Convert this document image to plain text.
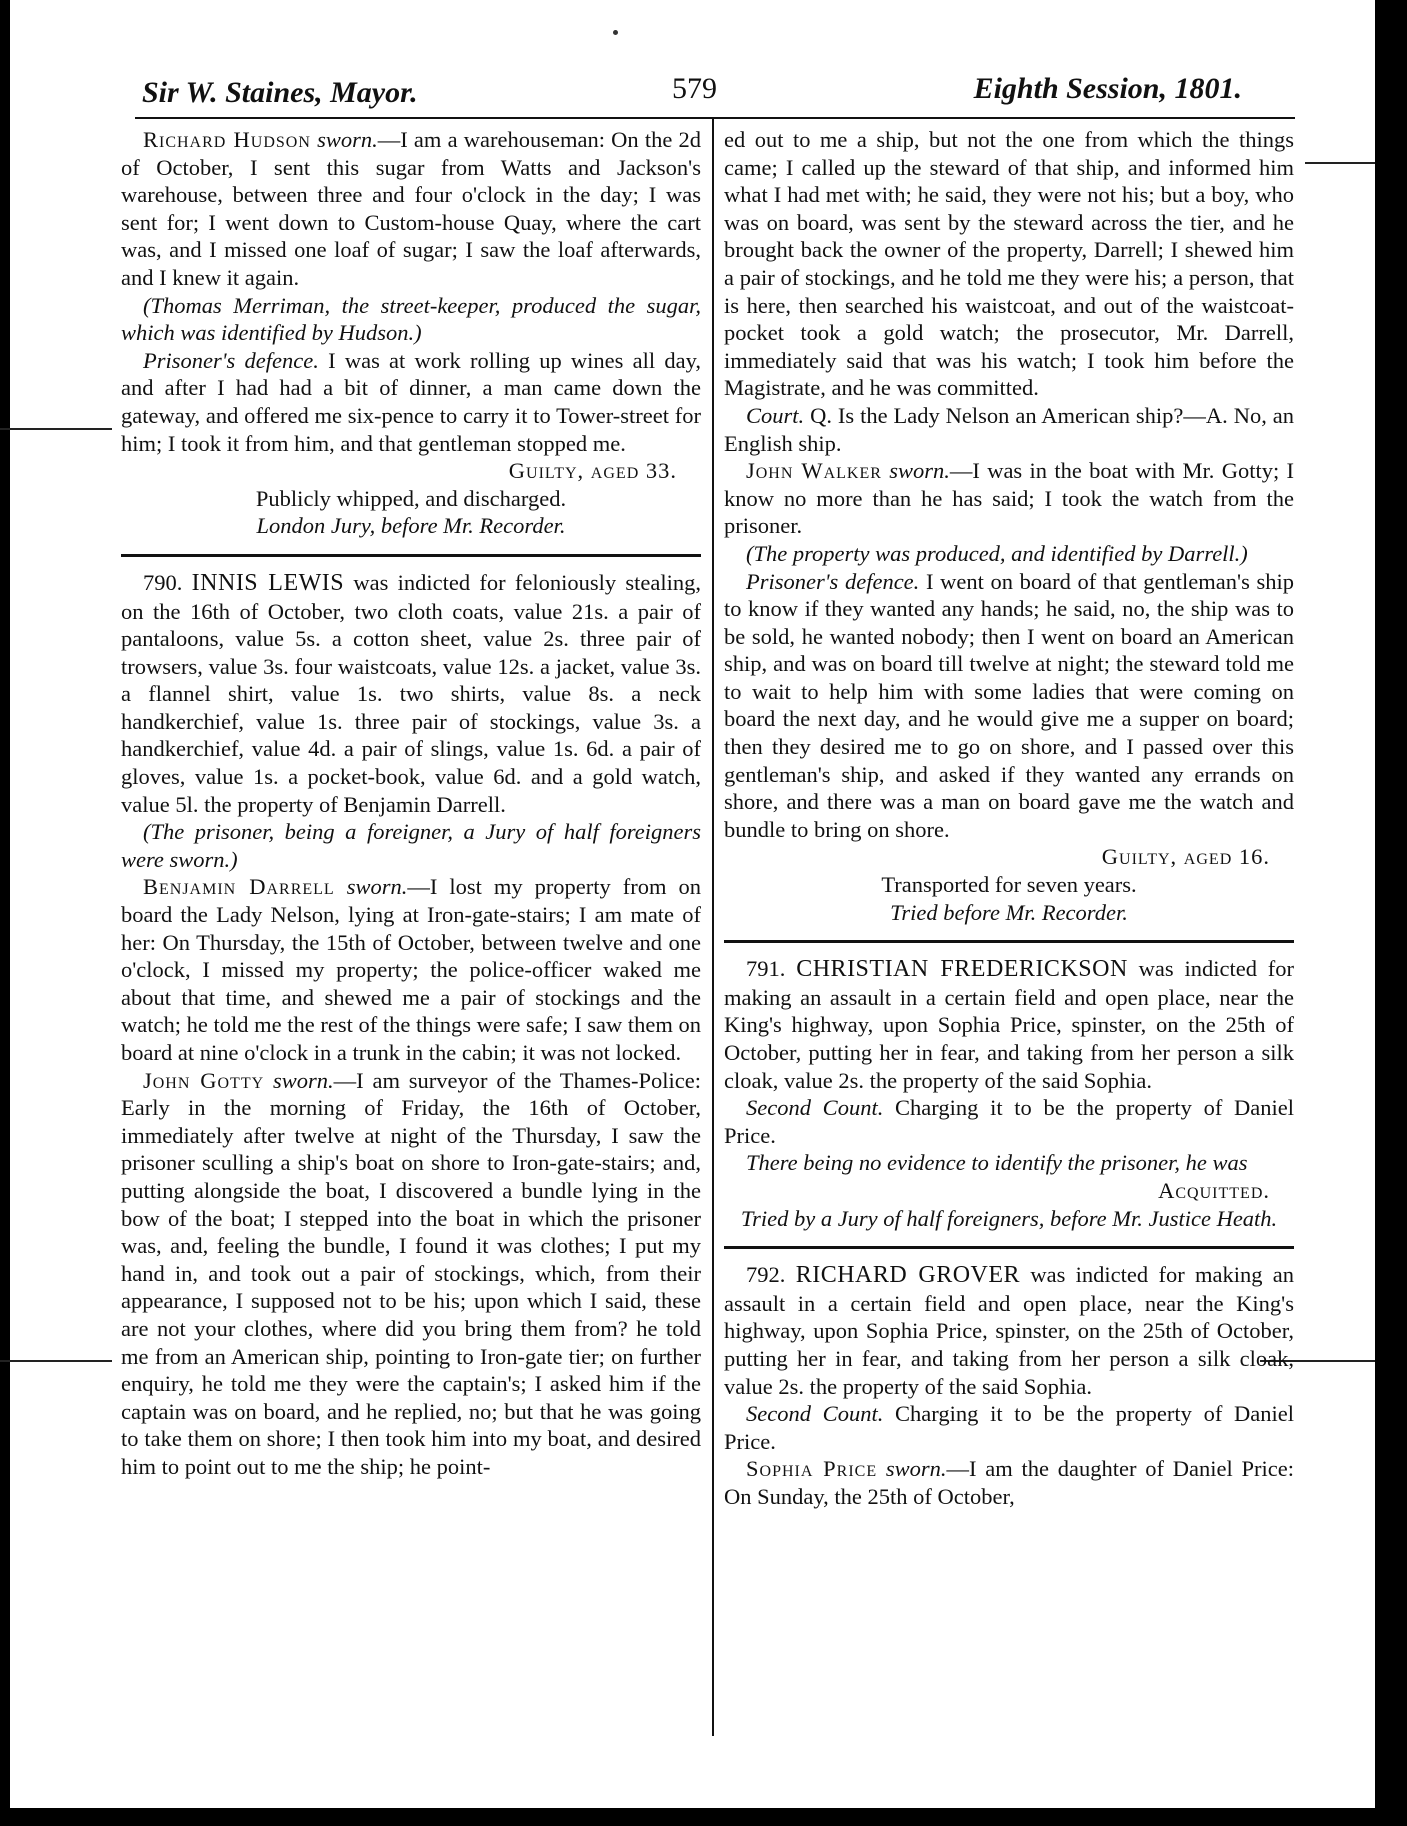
Sir W. Staines, Mayor.	579	Eighth Session, 1801.

Richard Hudson sworn.—I am a warehouseman: On the 2d of October, I sent this sugar from Watts and Jackson's warehouse, between three and four o'clock in the day; I was sent for; I went down to Custom-house Quay, where the cart was, and I missed one loaf of sugar; I saw the loaf afterwards, and I knew it again.

(Thomas Merriman, the street-keeper, produced the sugar, which was identified by Hudson.)

Prisoner's defence. I was at work rolling up wines all day, and after I had had a bit of dinner, a man came down the gateway, and offered me six-pence to carry it to Tower-street for him; I took it from him, and that gentleman stopped me.

Guilty, aged 33.

Publicly whipped, and discharged.

London Jury, before Mr. Recorder.

790. INNIS LEWIS was indicted for feloniously stealing, on the 16th of October, two cloth coats, value 21s. a pair of pantaloons, value 5s. a cotton sheet, value 2s. three pair of trowsers, value 3s. four waistcoats, value 12s. a jacket, value 3s. a flannel shirt, value 1s. two shirts, value 8s. a neck handkerchief, value 1s. three pair of stockings, value 3s. a handkerchief, value 4d. a pair of slings, value 1s. 6d. a pair of gloves, value 1s. a pocket-book, value 6d. and a gold watch, value 5l. the property of Benjamin Darrell.

(The prisoner, being a foreigner, a Jury of half foreigners were sworn.)

Benjamin Darrell sworn.—I lost my property from on board the Lady Nelson, lying at Iron-gate-stairs; I am mate of her: On Thursday, the 15th of October, between twelve and one o'clock, I missed my property; the police-officer waked me about that time, and shewed me a pair of stockings and the watch; he told me the rest of the things were safe; I saw them on board at nine o'clock in a trunk in the cabin; it was not locked.

John Gotty sworn.—I am surveyor of the Thames-Police: Early in the morning of Friday, the 16th of October, immediately after twelve at night of the Thursday, I saw the prisoner sculling a ship's boat on shore to Iron-gate-stairs; and, putting alongside the boat, I discovered a bundle lying in the bow of the boat; I stepped into the boat in which the prisoner was, and, feeling the bundle, I found it was clothes; I put my hand in, and took out a pair of stockings, which, from their appearance, I supposed not to be his; upon which I said, these are not your clothes, where did you bring them from? he told me from an American ship, pointing to Iron-gate tier; on further enquiry, he told me they were the captain's; I asked him if the captain was on board, and he replied, no; but that he was going to take them on shore; I then took him into my boat, and desired him to point out to me the ship; he point-

ed out to me a ship, but not the one from which the things came; I called up the steward of that ship, and informed him what I had met with; he said, they were not his; but a boy, who was on board, was sent by the steward across the tier, and he brought back the owner of the property, Darrell; I shewed him a pair of stockings, and he told me they were his; a person, that is here, then searched his waistcoat, and out of the waistcoat-pocket took a gold watch; the prosecutor, Mr. Darrell, immediately said that was his watch; I took him before the Magistrate, and he was committed.

Court. Q. Is the Lady Nelson an American ship?—A. No, an English ship.

John Walker sworn.—I was in the boat with Mr. Gotty; I know no more than he has said; I took the watch from the prisoner.

(The property was produced, and identified by Darrell.)

Prisoner's defence. I went on board of that gentleman's ship to know if they wanted any hands; he said, no, the ship was to be sold, he wanted nobody; then I went on board an American ship, and was on board till twelve at night; the steward told me to wait to help him with some ladies that were coming on board the next day, and he would give me a supper on board; then they desired me to go on shore, and I passed over this gentleman's ship, and asked if they wanted any errands on shore, and there was a man on board gave me the watch and bundle to bring on shore.

Guilty, aged 16.

Transported for seven years.

Tried before Mr. Recorder.

791. CHRISTIAN FREDERICKSON was indicted for making an assault in a certain field and open place, near the King's highway, upon Sophia Price, spinster, on the 25th of October, putting her in fear, and taking from her person a silk cloak, value 2s. the property of the said Sophia.

Second Count. Charging it to be the property of Daniel Price.

There being no evidence to identify the prisoner, he was

Acquitted.

Tried by a Jury of half foreigners, before Mr. Justice Heath.

792. RICHARD GROVER was indicted for making an assault in a certain field and open place, near the King's highway, upon Sophia Price, spinster, on the 25th of October, putting her in fear, and taking from her person a silk cloak, value 2s. the property of the said Sophia.

Second Count. Charging it to be the property of Daniel Price.

Sophia Price sworn.—I am the daughter of Daniel Price: On Sunday, the 25th of October,
